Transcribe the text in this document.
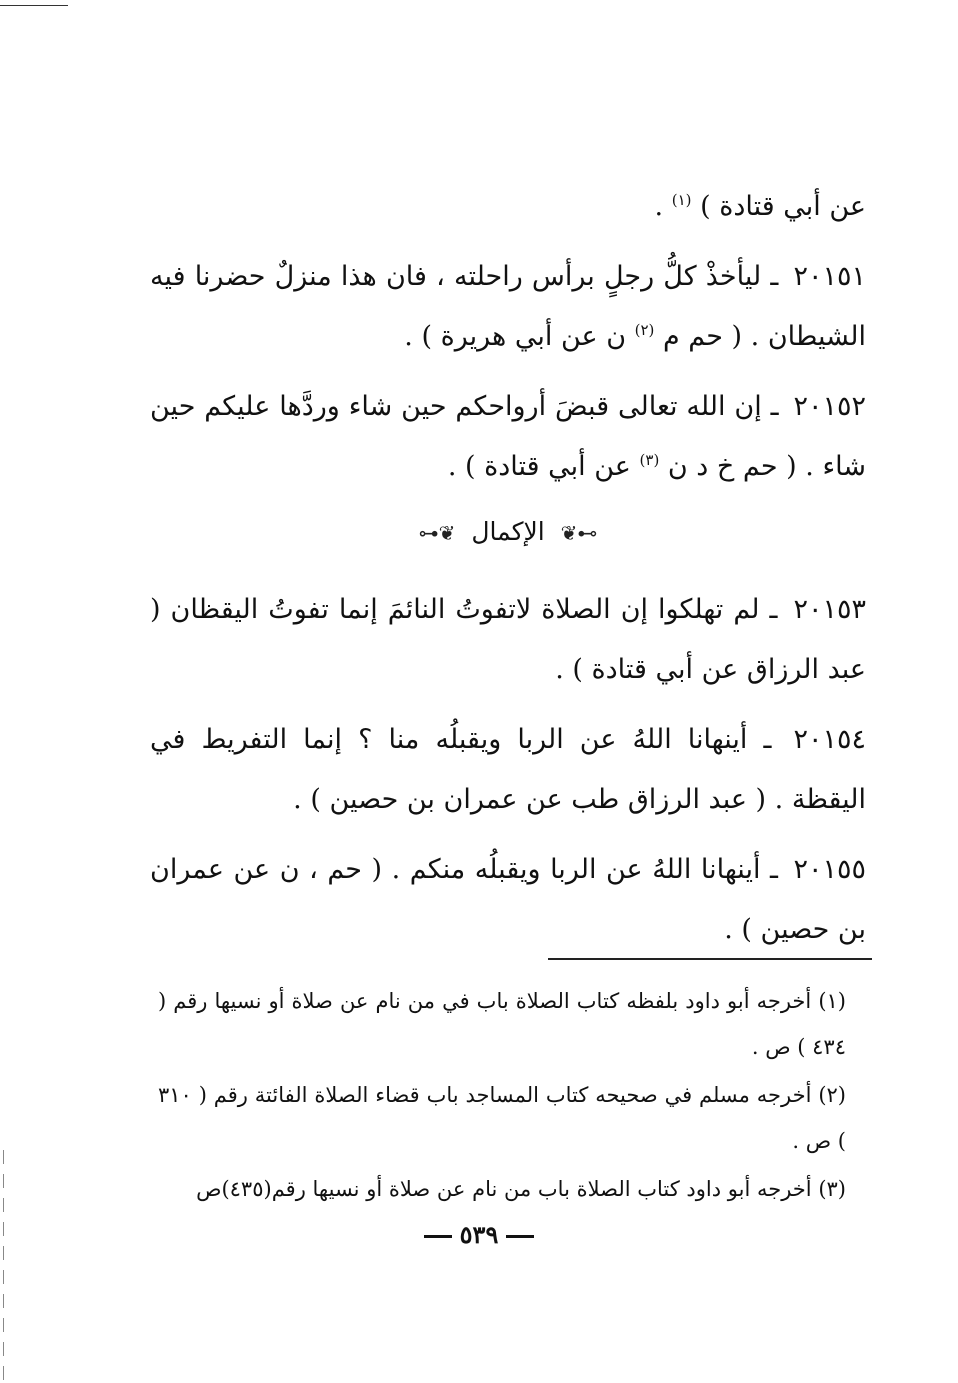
عن أبي قتادة ) $^{(١)}$ .

٢٠١٥١ ـ ليأخذْ كلُّ رجلٍ برأس راحلته ، فان هذا منزلٌ حضرنا فيه الشيطان . ( حم م $^{(٢)}$ ن عن أبي هريرة ) .

٢٠١٥٢ ـ إن الله تعالى قبضَ أرواحكم حين شاء وردَّها عليكم حين شاء . ( حم خ د ن $^{(٣)}$ عن أبي قتادة ) .

⊶❦ الإكمال ❦⊷

٢٠١٥٣ ـ لم تهلكوا إن الصلاة لاتفوتُ النائمَ إنما تفوتُ اليقظان ( عبد الرزاق عن أبي قتادة ) .

٢٠١٥٤ ـ أينهانا اللهُ عن الربا ويقبلُه منا ؟ إنما التفريط في اليقظة . ( عبد الرزاق طب عن عمران بن حصين ) .

٢٠١٥٥ ـ أينهانا اللهُ عن الربا ويقبلُه منكم . ( حم ، ن عن عمران بن حصين ) .

(١) أخرجه أبو داود بلفظه كتاب الصلاة باب في من نام عن صلاة أو نسيها رقم ( ٤٣٤ ) ص .

(٢) أخرجه مسلم في صحيحه كتاب المساجد باب قضاء الصلاة الفائتة رقم ( ٣١٠ ) ص .

(٣) أخرجه أبو داود كتاب الصلاة باب من نام عن صلاة أو نسيها رقم(٤٣٥)ص

٥٣٩
